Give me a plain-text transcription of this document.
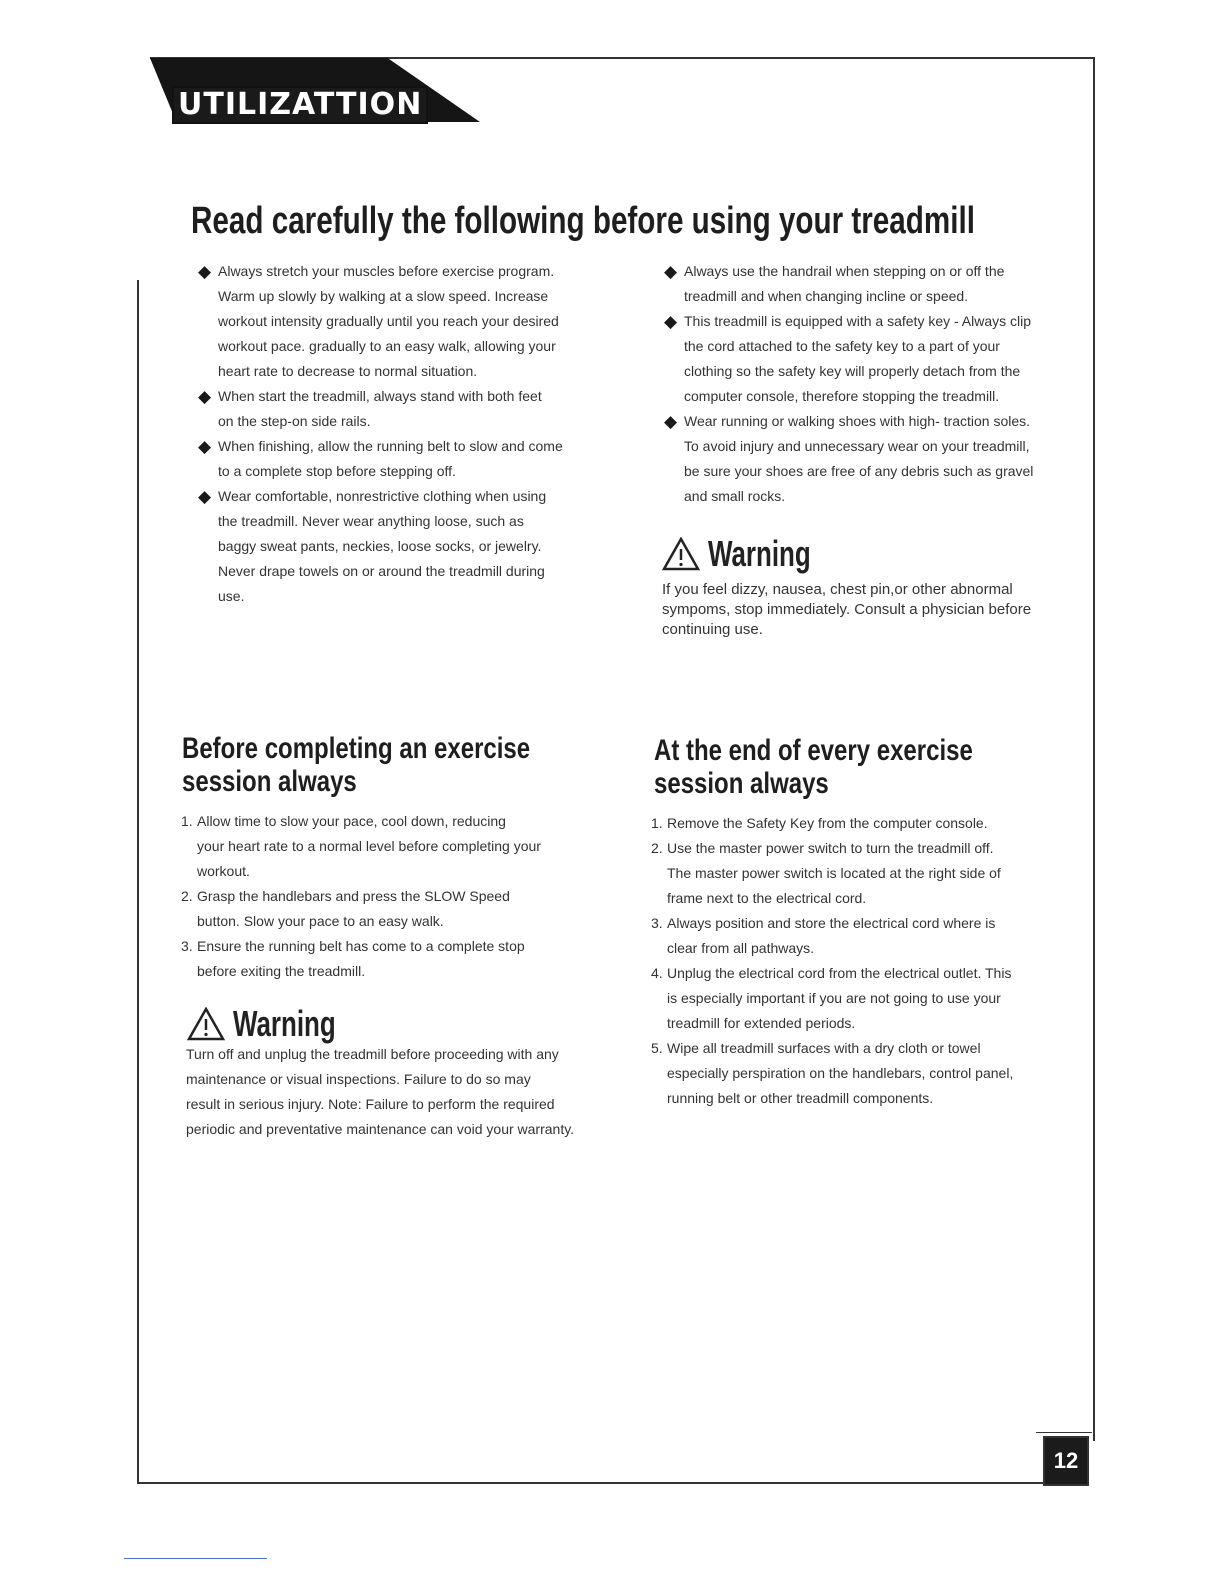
UTILIZATTION
Read carefully the following before using your treadmill
◆ Always stretch your muscles before exercise program.
Warm up slowly by walking at a slow speed. Increase
workout intensity gradually until you reach your desired
workout pace. gradually to an easy walk, allowing your
heart rate to decrease to normal situation.
◆ When start the treadmill, always stand with both feet
on the step-on side rails.
◆ When finishing, allow the running belt to slow and come
to a complete stop before stepping off.
◆ Wear comfortable, nonrestrictive clothing when using
the treadmill. Never wear anything loose, such as
baggy sweat pants, neckies, loose socks, or jewelry.
Never drape towels on or around the treadmill during
use.
◆ Always use the handrail when stepping on or off the
treadmill and when changing incline or speed.
◆ This treadmill is equipped with a safety key - Always clip
the cord attached to the safety key to a part of your
clothing so the safety key will properly detach from the
computer console, therefore stopping the treadmill.
◆ Wear running or walking shoes with high- traction soles.
To avoid injury and unnecessary wear on your treadmill,
be sure your shoes are free of any debris such as gravel
and small rocks.
Warning
If you feel dizzy, nausea, chest pin,or other abnormal
sympoms, stop immediately. Consult a physician before
continuing use.
Before completing an exercise
session always
1. Allow time to slow your pace, cool down, reducing
your heart rate to a normal level before completing your
workout.
2. Grasp the handlebars and press the SLOW Speed
button. Slow your pace to an easy walk.
3. Ensure the running belt has come to a complete stop
before exiting the treadmill.
Warning
Turn off and unplug the treadmill before proceeding with any
maintenance or visual inspections. Failure to do so may
result in serious injury. Note: Failure to perform the required
periodic and preventative maintenance can void your warranty.
At the end of every exercise
session always
1. Remove the Safety Key from the computer console.
2. Use the master power switch to turn the treadmill off.
The master power switch is located at the right side of
frame next to the electrical cord.
3. Always position and store the electrical cord where is
clear from all pathways.
4. Unplug the electrical cord from the electrical outlet. This
is especially important if you are not going to use your
treadmill for extended periods.
5. Wipe all treadmill surfaces with a dry cloth or towel
especially perspiration on the handlebars, control panel,
running belt or other treadmill components.
12
